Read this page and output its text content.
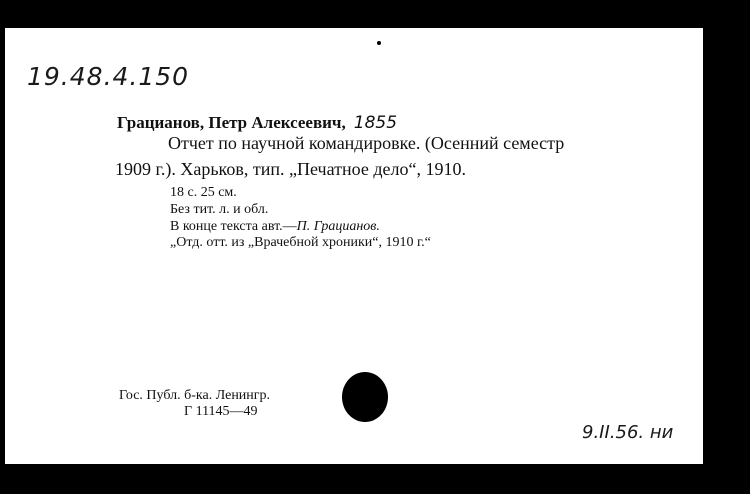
19.48.4.150
Грацианов, Петр Алексеевич, 1855
Отчет по научной командировке. (Осенний семестр
1909 г.). Харьков, тип. „Печатное дело“, 1910.
18 с. 25 см.
Без тит. л. и обл.
В конце текста авт.—П. Грацианов.
„Отд. отт. из „Врачебной хроники“, 1910 г.“
Гос. Публ. б-ка. Ленингр.
Г 11145—49
9.II.56. ни
